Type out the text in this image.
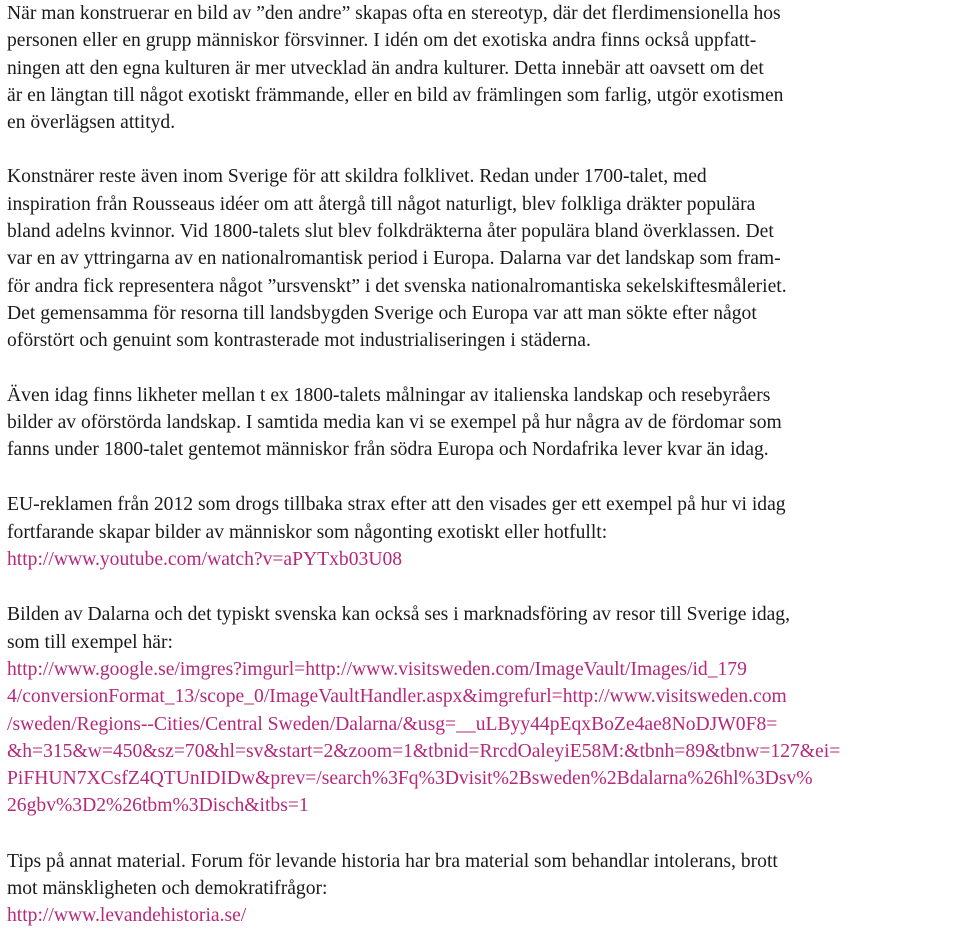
När man konstruerar en bild av ”den andre” skapas ofta en stereotyp, där det flerdimensionella hos
personen eller en grupp människor försvinner. I idén om det exotiska andra finns också uppfatt-
ningen att den egna kulturen är mer utvecklad än andra kulturer. Detta innebär att oavsett om det
är en längtan till något exotiskt främmande, eller en bild av främlingen som farlig, utgör exotismen
en överlägsen attityd.

Konstnärer reste även inom Sverige för att skildra folklivet. Redan under 1700-talet, med
inspiration från Rousseaus idéer om att återgå till något naturligt, blev folkliga dräkter populära
bland adelns kvinnor. Vid 1800-talets slut blev folkdräkterna åter populära bland överklassen. Det
var en av yttringarna av en nationalromantisk period i Europa. Dalarna var det landskap som fram-
för andra fick representera något ”ursvenskt” i det svenska nationalromantiska sekelskiftesmåleriet.
Det gemensamma för resorna till landsbygden Sverige och Europa var att man sökte efter något
oförstört och genuint som kontrasterade mot industrialiseringen i städerna.

Även idag finns likheter mellan t ex 1800-talets målningar av italienska landskap och resebyråers
bilder av oförstörda landskap. I samtida media kan vi se exempel på hur några av de fördomar som
fanns under 1800-talet gentemot människor från södra Europa och Nordafrika lever kvar än idag.

EU-reklamen från 2012 som drogs tillbaka strax efter att den visades ger ett exempel på hur vi idag
fortfarande skapar bilder av människor som någonting exotiskt eller hotfullt:
http://www.youtube.com/watch?v=aPYTxb03U08

Bilden av Dalarna och det typiskt svenska kan också ses i marknadsföring av resor till Sverige idag,
som till exempel här:
http://www.google.se/imgres?imgurl=http://www.visitsweden.com/ImageVault/Images/id_179
4/conversionFormat_13/scope_0/ImageVaultHandler.aspx&imgrefurl=http://www.visitsweden.com
/sweden/Regions--Cities/Central Sweden/Dalarna/&usg=__uLByy44pEqxBoZe4ae8NoDJW0F8=
&h=315&w=450&sz=70&hl=sv&start=2&zoom=1&tbnid=RrcdOaleyiE58M:&tbnh=89&tbnw=127&ei=
PiFHUN7XCsfZ4QTUnIDIDw&prev=/search%3Fq%3Dvisit%2Bsweden%2Bdalarna%26hl%3Dsv%
26gbv%3D2%26tbm%3Disch&itbs=1

Tips på annat material. Forum för levande historia har bra material som behandlar intolerans, brott
mot mänskligheten och demokratifrågor:
http://www.levandehistoria.se/
